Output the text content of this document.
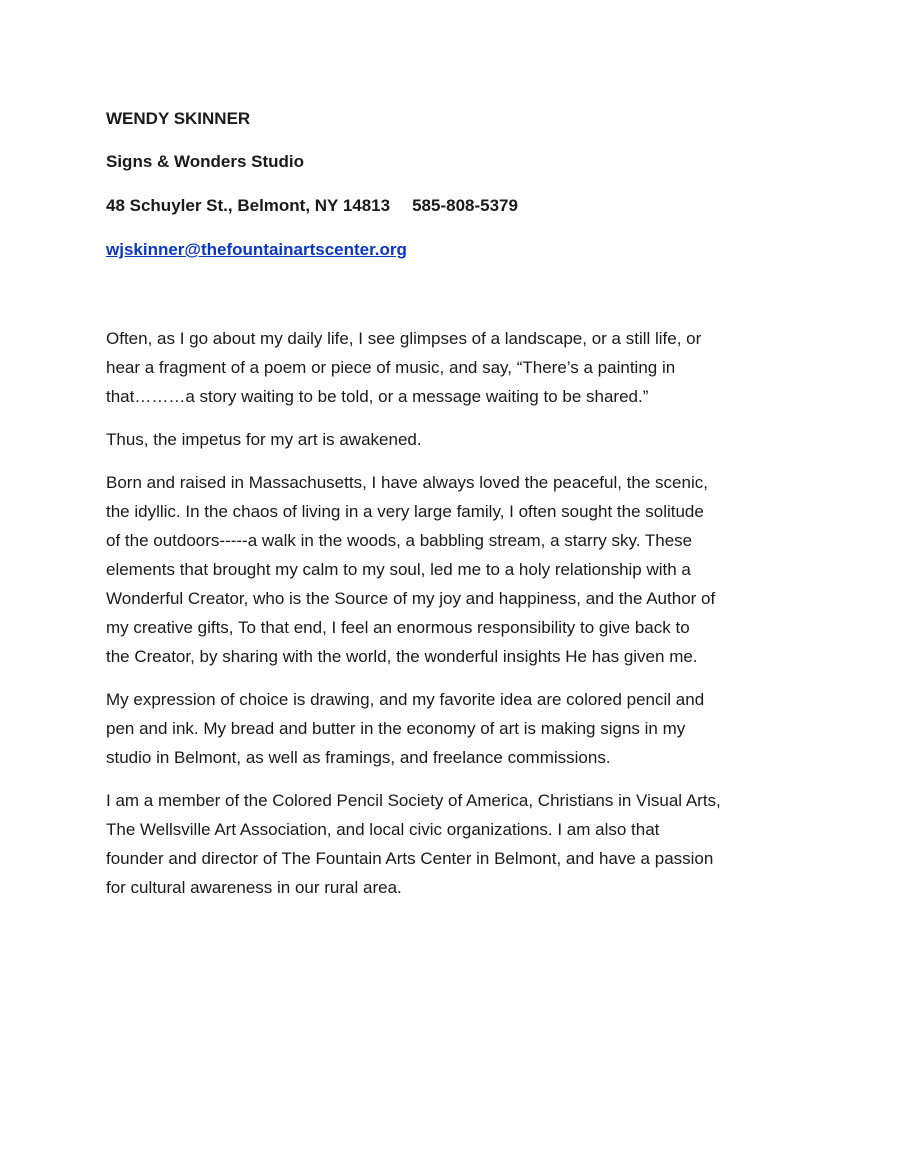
WENDY SKINNER
Signs & Wonders Studio
48 Schuyler St., Belmont, NY 14813 585-808-5379
wjskinner@thefountainartscenter.org

Often, as I go about my daily life, I see glimpses of a landscape, or a still life, or
hear a fragment of a poem or piece of music, and say, “There’s a painting in
that………a story waiting to be told, or a message waiting to be shared.”

Thus, the impetus for my art is awakened.

Born and raised in Massachusetts, I have always loved the peaceful, the scenic,
the idyllic. In the chaos of living in a very large family, I often sought the solitude
of the outdoors-----a walk in the woods, a babbling stream, a starry sky. These
elements that brought my calm to my soul, led me to a holy relationship with a
Wonderful Creator, who is the Source of my joy and happiness, and the Author of
my creative gifts, To that end, I feel an enormous responsibility to give back to
the Creator, by sharing with the world, the wonderful insights He has given me.

My expression of choice is drawing, and my favorite idea are colored pencil and
pen and ink. My bread and butter in the economy of art is making signs in my
studio in Belmont, as well as framings, and freelance commissions.

I am a member of the Colored Pencil Society of America, Christians in Visual Arts,
The Wellsville Art Association, and local civic organizations. I am also that
founder and director of The Fountain Arts Center in Belmont, and have a passion
for cultural awareness in our rural area.
